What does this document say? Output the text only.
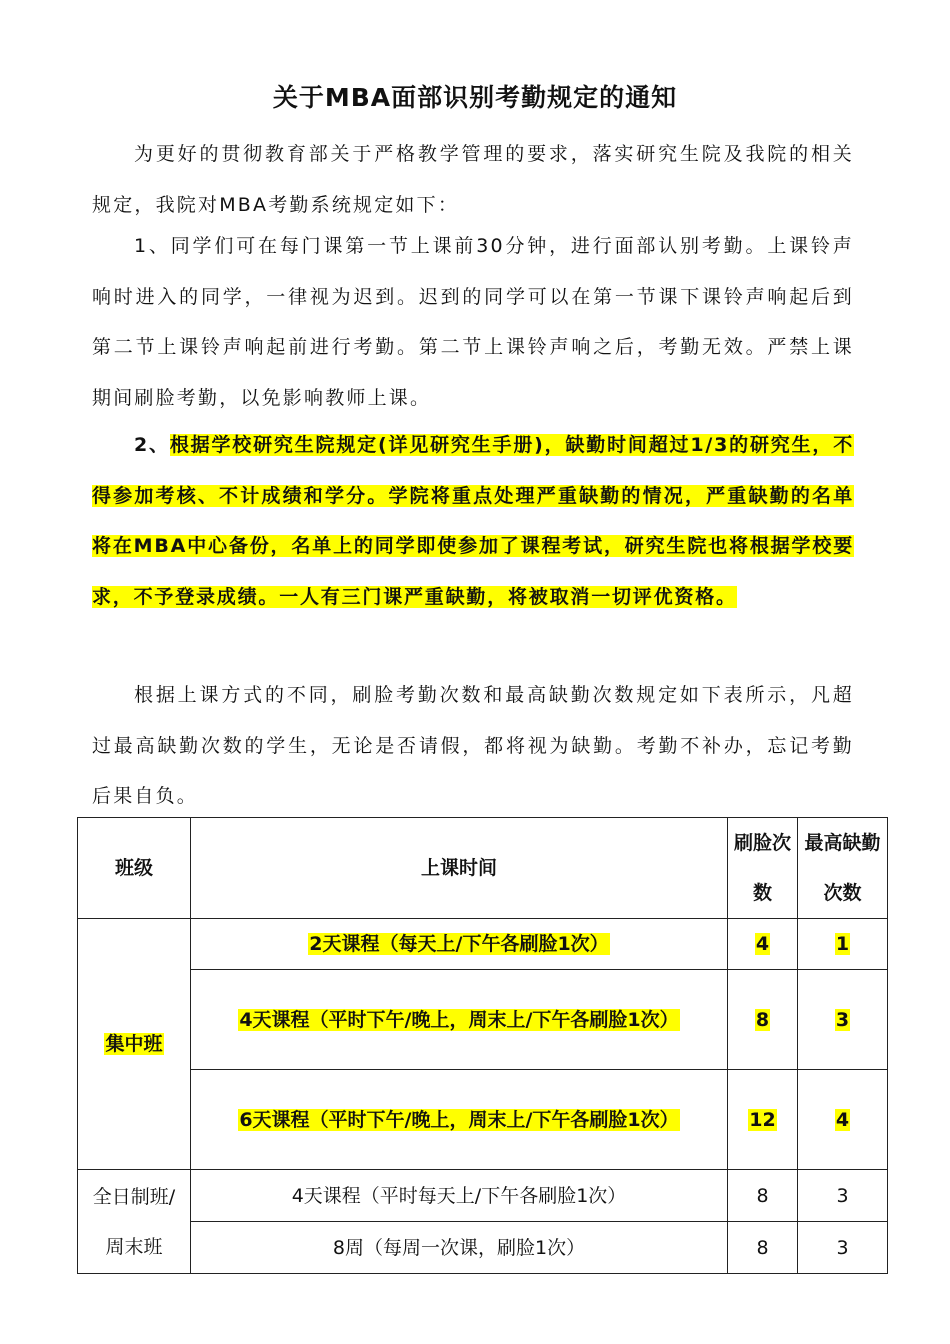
关于MBA面部识别考勤规定的通知

为更好的贯彻教育部关于严格教学管理的要求，落实研究生院及我院的相关规定，我院对MBA考勤系统规定如下：

1、同学们可在每门课第一节上课前30分钟，进行面部认别考勤。上课铃声响时进入的同学，一律视为迟到。迟到的同学可以在第一节课下课铃声响起后到第二节上课铃声响起前进行考勤。第二节上课铃声响之后，考勤无效。严禁上课期间刷脸考勤，以免影响教师上课。

2、根据学校研究生院规定(详见研究生手册)，缺勤时间超过1/3的研究生，不得参加考核、不计成绩和学分。学院将重点处理严重缺勤的情况，严重缺勤的名单将在MBA中心备份，名单上的同学即使参加了课程考试，研究生院也将根据学校要求，不予登录成绩。一人有三门课严重缺勤，将被取消一切评优资格。

根据上课方式的不同，刷脸考勤次数和最高缺勤次数规定如下表所示，凡超过最高缺勤次数的学生，无论是否请假，都将视为缺勤。考勤不补办，忘记考勤后果自负。

班级	上课时间	刷脸次数	最高缺勤次数
集中班	2天课程（每天上/下午各刷脸1次）	4	1
	4天课程（平时下午/晚上，周末上/下午各刷脸1次）	8	3
	6天课程（平时下午/晚上，周末上/下午各刷脸1次）	12	4
全日制班/周末班	4天课程（平时每天上/下午各刷脸1次）	8	3
	8周（每周一次课，刷脸1次）	8	3
